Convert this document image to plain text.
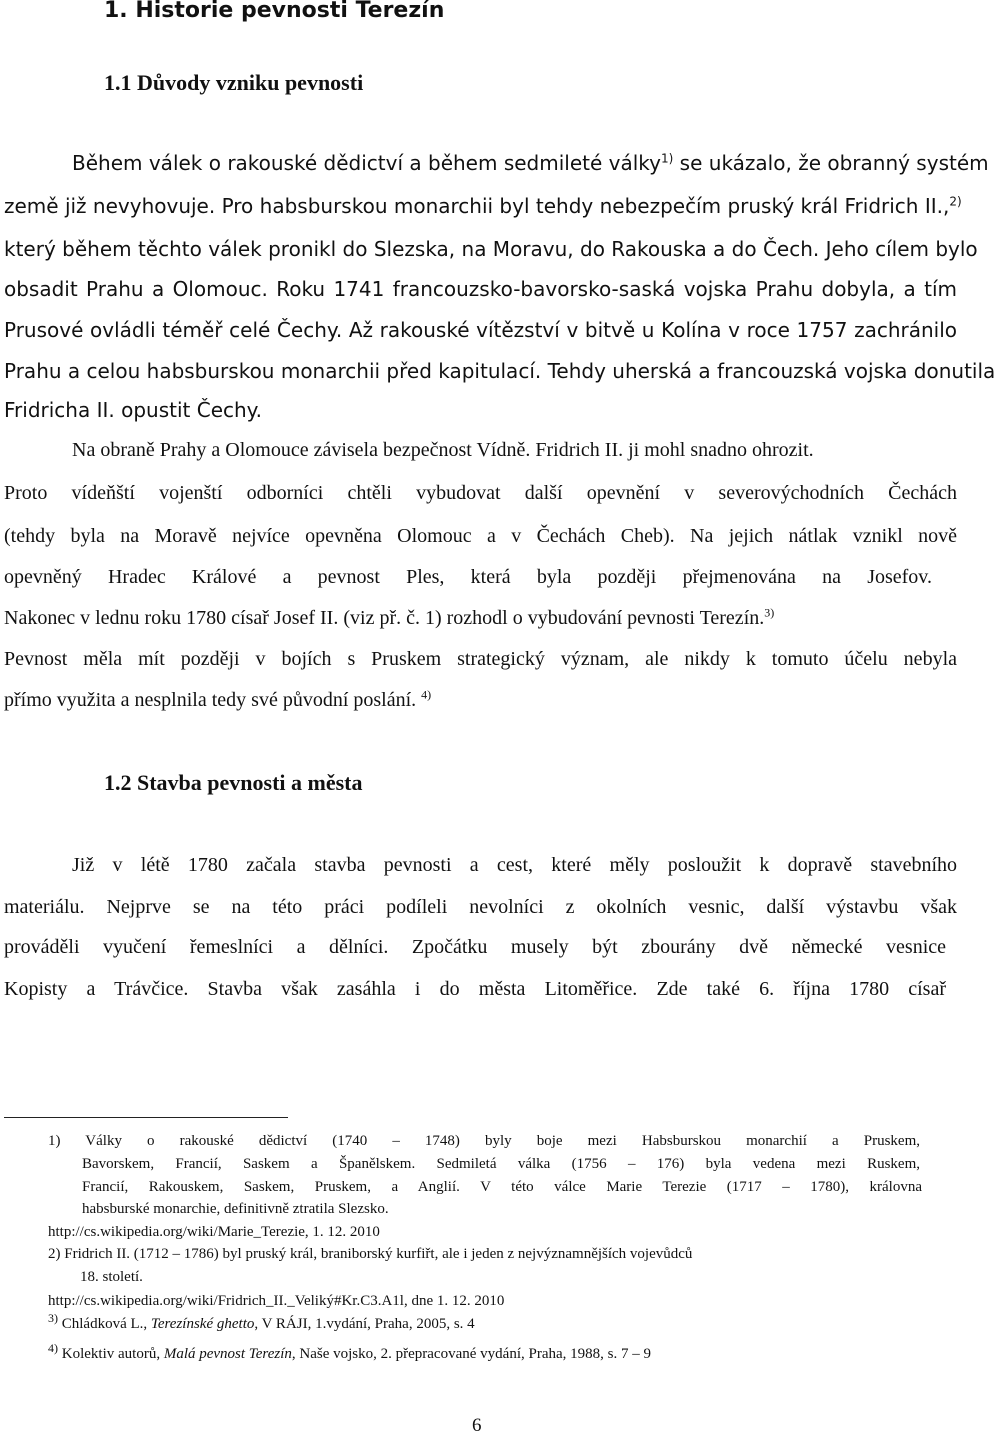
1. Historie pevnosti Terezín
1.1 Důvody vzniku pevnosti
Během válek o rakouské dědictví a během sedmileté války$^{1)}$ se ukázalo, že obranný systém
země již nevyhovuje. Pro habsburskou monarchii byl tehdy nebezpečím pruský král Fridrich II.,$^{2)}$
který během těchto válek pronikl do Slezska, na Moravu, do Rakouska a do Čech. Jeho cílem bylo
obsadit Prahu a Olomouc. Roku 1741 francouzsko-bavorsko-saská vojska Prahu dobyla, a tím
Prusové ovládli téměř celé Čechy. Až rakouské vítězství v bitvě u Kolína v roce 1757 zachránilo
Prahu a celou habsburskou monarchii před kapitulací. Tehdy uherská a francouzská vojska donutila
Fridricha II. opustit Čechy.
Na obraně Prahy a Olomouce závisela bezpečnost Vídně. Fridrich II. ji mohl snadno ohrozit.
Proto vídeňští vojenští odborníci chtěli vybudovat další opevnění v severovýchodních Čechách
(tehdy byla na Moravě nejvíce opevněna Olomouc a v Čechách Cheb). Na jejich nátlak vznikl nově
opevněný Hradec Králové a pevnost Ples, která byla později přejmenována na Josefov.
Nakonec v lednu roku 1780 císař Josef II. (viz př. č. 1) rozhodl o vybudování pevnosti Terezín.$^{3)}$
Pevnost měla mít později v bojích s Pruskem strategický význam, ale nikdy k tomuto účelu nebyla
přímo využita a nesplnila tedy své původní poslání. $^{4)}$
1.2 Stavba pevnosti a města
Již v létě 1780 začala stavba pevnosti a cest, které měly posloužit k dopravě stavebního
materiálu. Nejprve se na této práci podíleli nevolníci z okolních vesnic, další výstavbu však
prováděli vyučení řemeslníci a dělníci. Zpočátku musely být zbourány dvě německé vesnice
Kopisty a Trávčice. Stavba však zasáhla i do města Litoměřice. Zde také 6. října 1780 císař
1) Války o rakouské dědictví (1740 – 1748) byly boje mezi Habsburskou monarchií a Pruskem,
Bavorskem, Francií, Saskem a Španělskem. Sedmiletá válka (1756 – 176) byla vedena mezi Ruskem,
Francií, Rakouskem, Saskem, Pruskem, a Anglií. V této válce Marie Terezie (1717 – 1780), královna
habsburské monarchie, definitivně ztratila Slezsko.
http://cs.wikipedia.org/wiki/Marie_Terezie, 1. 12. 2010
2) Fridrich II. (1712 – 1786) byl pruský král, braniborský kurfiřt, ale i jeden z nejvýznamnějších vojevůdců
18. století.
http://cs.wikipedia.org/wiki/Fridrich_II._Veliký#Kr.C3.A1l, dne 1. 12. 2010
$^{3)}$ Chládková L., Terezínské ghetto, V RÁJI, 1.vydání, Praha, 2005, s. 4
$^{4)}$ Kolektiv autorů, Malá pevnost Terezín, Naše vojsko, 2. přepracované vydání, Praha, 1988, s. 7 – 9
6
